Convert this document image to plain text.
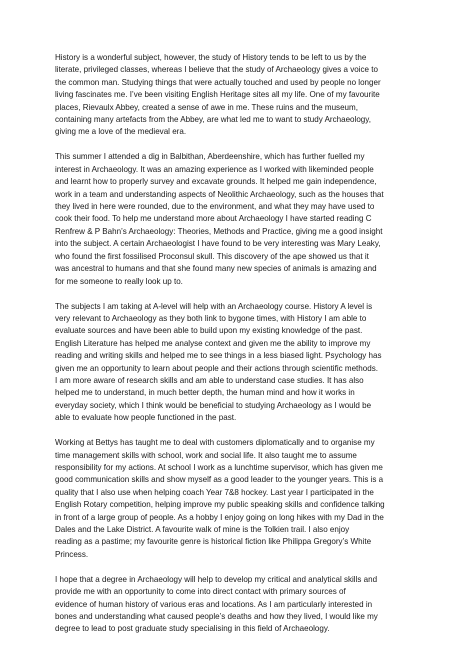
History is a wonderful subject, however, the study of History tends to be left to us by the
literate, privileged classes, whereas I believe that the study of Archaeology gives a voice to
the common man. Studying things that were actually touched and used by people no longer
living fascinates me. I’ve been visiting English Heritage sites all my life. One of my favourite
places, Rievaulx Abbey, created a sense of awe in me. These ruins and the museum,
containing many artefacts from the Abbey, are what led me to want to study Archaeology,
giving me a love of the medieval era.

This summer I attended a dig in Balbithan, Aberdeenshire, which has further fuelled my
interest in Archaeology. It was an amazing experience as I worked with likeminded people
and learnt how to properly survey and excavate grounds. It helped me gain independence,
work in a team and understanding aspects of Neolithic Archaeology, such as the houses that
they lived in here were rounded, due to the environment, and what they may have used to
cook their food. To help me understand more about Archaeology I have started reading C
Renfrew & P Bahn’s Archaeology: Theories, Methods and Practice, giving me a good insight
into the subject. A certain Archaeologist I have found to be very interesting was Mary Leaky,
who found the first fossilised Proconsul skull. This discovery of the ape showed us that it
was ancestral to humans and that she found many new species of animals is amazing and
for me someone to really look up to.

The subjects I am taking at A-level will help with an Archaeology course. History A level is
very relevant to Archaeology as they both link to bygone times, with History I am able to
evaluate sources and have been able to build upon my existing knowledge of the past.
English Literature has helped me analyse context and given me the ability to improve my
reading and writing skills and helped me to see things in a less biased light. Psychology has
given me an opportunity to learn about people and their actions through scientific methods.
I am more aware of research skills and am able to understand case studies. It has also
helped me to understand, in much better depth, the human mind and how it works in
everyday society, which I think would be beneficial to studying Archaeology as I would be
able to evaluate how people functioned in the past.

Working at Bettys has taught me to deal with customers diplomatically and to organise my
time management skills with school, work and social life. It also taught me to assume
responsibility for my actions. At school I work as a lunchtime supervisor, which has given me
good communication skills and show myself as a good leader to the younger years. This is a
quality that I also use when helping coach Year 7&8 hockey. Last year I participated in the
English Rotary competition, helping improve my public speaking skills and confidence talking
in front of a large group of people. As a hobby I enjoy going on long hikes with my Dad in the
Dales and the Lake District. A favourite walk of mine is the Tolkien trail. I also enjoy
reading as a pastime; my favourite genre is historical fiction like Philippa Gregory’s White
Princess.

I hope that a degree in Archaeology will help to develop my critical and analytical skills and
provide me with an opportunity to come into direct contact with primary sources of
evidence of human history of various eras and locations. As I am particularly interested in
bones and understanding what caused people’s deaths and how they lived, I would like my
degree to lead to post graduate study specialising in this field of Archaeology.
